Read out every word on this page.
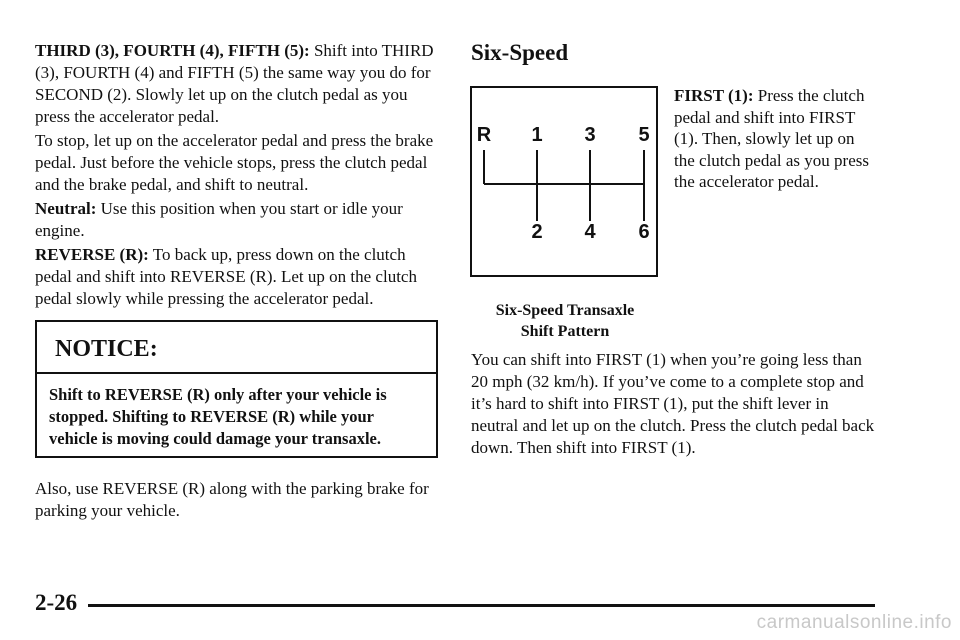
THIRD (3), FOURTH (4), FIFTH (5): Shift into THIRD (3), FOURTH (4) and FIFTH (5) the same way you do for SECOND (2). Slowly let up on the clutch pedal as you press the accelerator pedal.

To stop, let up on the accelerator pedal and press the brake pedal. Just before the vehicle stops, press the clutch pedal and the brake pedal, and shift to neutral.

Neutral: Use this position when you start or idle your engine.

REVERSE (R): To back up, press down on the clutch pedal and shift into REVERSE (R). Let up on the clutch pedal slowly while pressing the accelerator pedal.

NOTICE:
Shift to REVERSE (R) only after your vehicle is stopped. Shifting to REVERSE (R) while your vehicle is moving could damage your transaxle.

Also, use REVERSE (R) along with the parking brake for parking your vehicle.

Six-Speed
R 1 3 5
2 4 6

FIRST (1): Press the clutch pedal and shift into FIRST (1). Then, slowly let up on the clutch pedal as you press the accelerator pedal.

Six-Speed Transaxle
Shift Pattern

You can shift into FIRST (1) when you’re going less than 20 mph (32 km/h). If you’ve come to a complete stop and it’s hard to shift into FIRST (1), put the shift lever in neutral and let up on the clutch. Press the clutch pedal back down. Then shift into FIRST (1).

2-26

carmanualsonline.info
